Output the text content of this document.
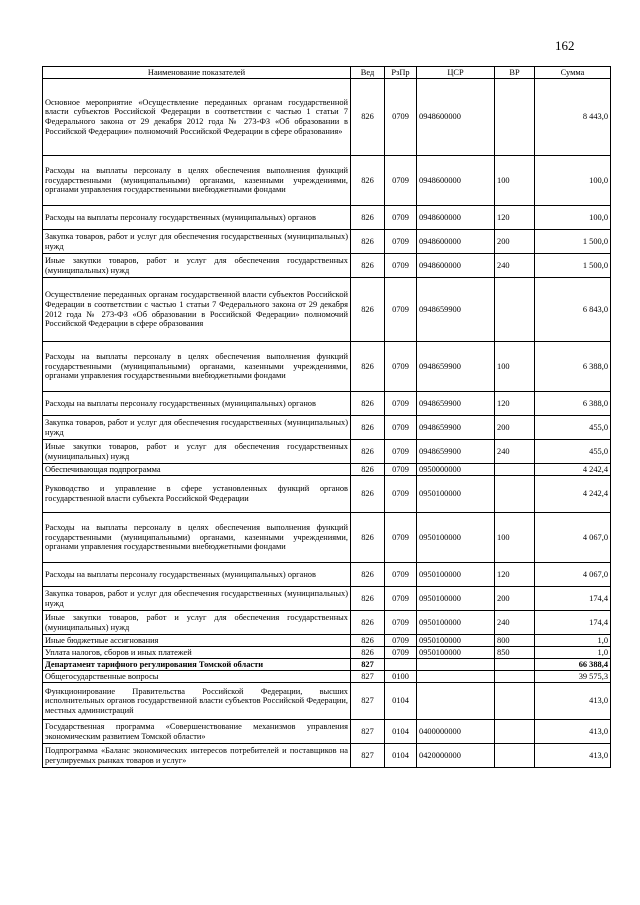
162
Наименование показателей	Вед	РзПр	ЦСР	ВР	Сумма
Основное мероприятие «Осуществление переданных органам государственной власти субъектов Российской Федерации в соответствии с частью 1 статьи 7 Федерального закона от 29 декабря 2012 года № 273-ФЗ «Об образовании в Российской Федерации» полномочий Российской Федерации в сфере образования»	826	0709	0948600000		8 443,0
Расходы на выплаты персоналу в целях обеспечения выполнения функций государственными (муниципальными) органами, казенными учреждениями, органами управления государственными внебюджетными фондами	826	0709	0948600000	100	100,0
Расходы на выплаты персоналу государственных (муниципальных) органов	826	0709	0948600000	120	100,0
Закупка товаров, работ и услуг для обеспечения государственных (муниципальных) нужд	826	0709	0948600000	200	1 500,0
Иные закупки товаров, работ и услуг для обеспечения государственных (муниципальных) нужд	826	0709	0948600000	240	1 500,0
Осуществление переданных органам государственной власти субъектов Российской Федерации в соответствии с частью 1 статьи 7 Федерального закона от 29 декабря 2012 года № 273-ФЗ «Об образовании в Российской Федерации» полномочий Российской Федерации в сфере образования	826	0709	0948659900		6 843,0
Расходы на выплаты персоналу в целях обеспечения выполнения функций государственными (муниципальными) органами, казенными учреждениями, органами управления государственными внебюджетными фондами	826	0709	0948659900	100	6 388,0
Расходы на выплаты персоналу государственных (муниципальных) органов	826	0709	0948659900	120	6 388,0
Закупка товаров, работ и услуг для обеспечения государственных (муниципальных) нужд	826	0709	0948659900	200	455,0
Иные закупки товаров, работ и услуг для обеспечения государственных (муниципальных) нужд	826	0709	0948659900	240	455,0
Обеспечивающая подпрограмма	826	0709	0950000000		4 242,4
Руководство и управление в сфере установленных функций органов государственной власти субъекта Российской Федерации	826	0709	0950100000		4 242,4
Расходы на выплаты персоналу в целях обеспечения выполнения функций государственными (муниципальными) органами, казенными учреждениями, органами управления государственными внебюджетными фондами	826	0709	0950100000	100	4 067,0
Расходы на выплаты персоналу государственных (муниципальных) органов	826	0709	0950100000	120	4 067,0
Закупка товаров, работ и услуг для обеспечения государственных (муниципальных) нужд	826	0709	0950100000	200	174,4
Иные закупки товаров, работ и услуг для обеспечения государственных (муниципальных) нужд	826	0709	0950100000	240	174,4
Иные бюджетные ассигнования	826	0709	0950100000	800	1,0
Уплата налогов, сборов и иных платежей	826	0709	0950100000	850	1,0
Департамент тарифного регулирования Томской области	827				66 388,4
Общегосударственные вопросы	827	0100			39 575,3
Функционирование Правительства Российской Федерации, высших исполнительных органов государственной власти субъектов Российской Федерации, местных администраций	827	0104			413,0
Государственная программа «Совершенствование механизмов управления экономическим развитием Томской области»	827	0104	0400000000		413,0
Подпрограмма «Баланс экономических интересов потребителей и поставщиков на регулируемых рынках товаров и услуг»	827	0104	0420000000		413,0
